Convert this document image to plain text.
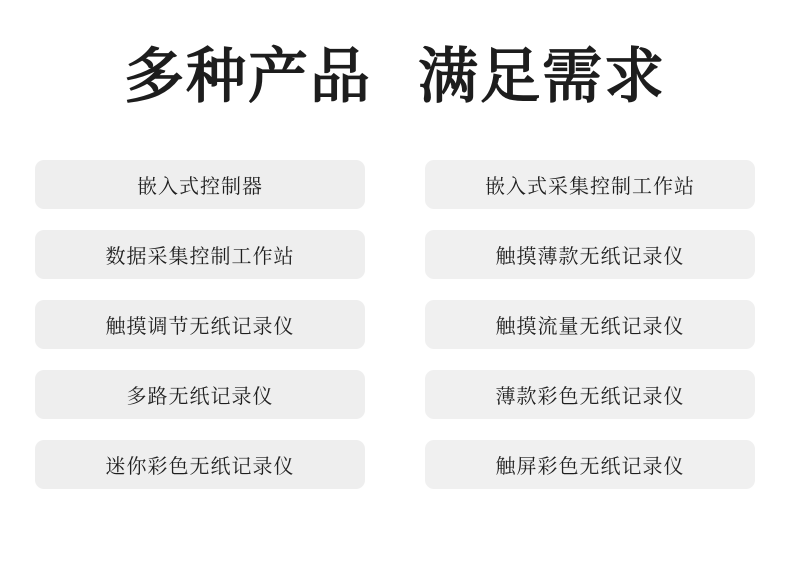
多种产品 满足需求
嵌入式控制器
数据采集控制工作站
触摸调节无纸记录仪
多路无纸记录仪
迷你彩色无纸记录仪
嵌入式采集控制工作站
触摸薄款无纸记录仪
触摸流量无纸记录仪
薄款彩色无纸记录仪
触屏彩色无纸记录仪
